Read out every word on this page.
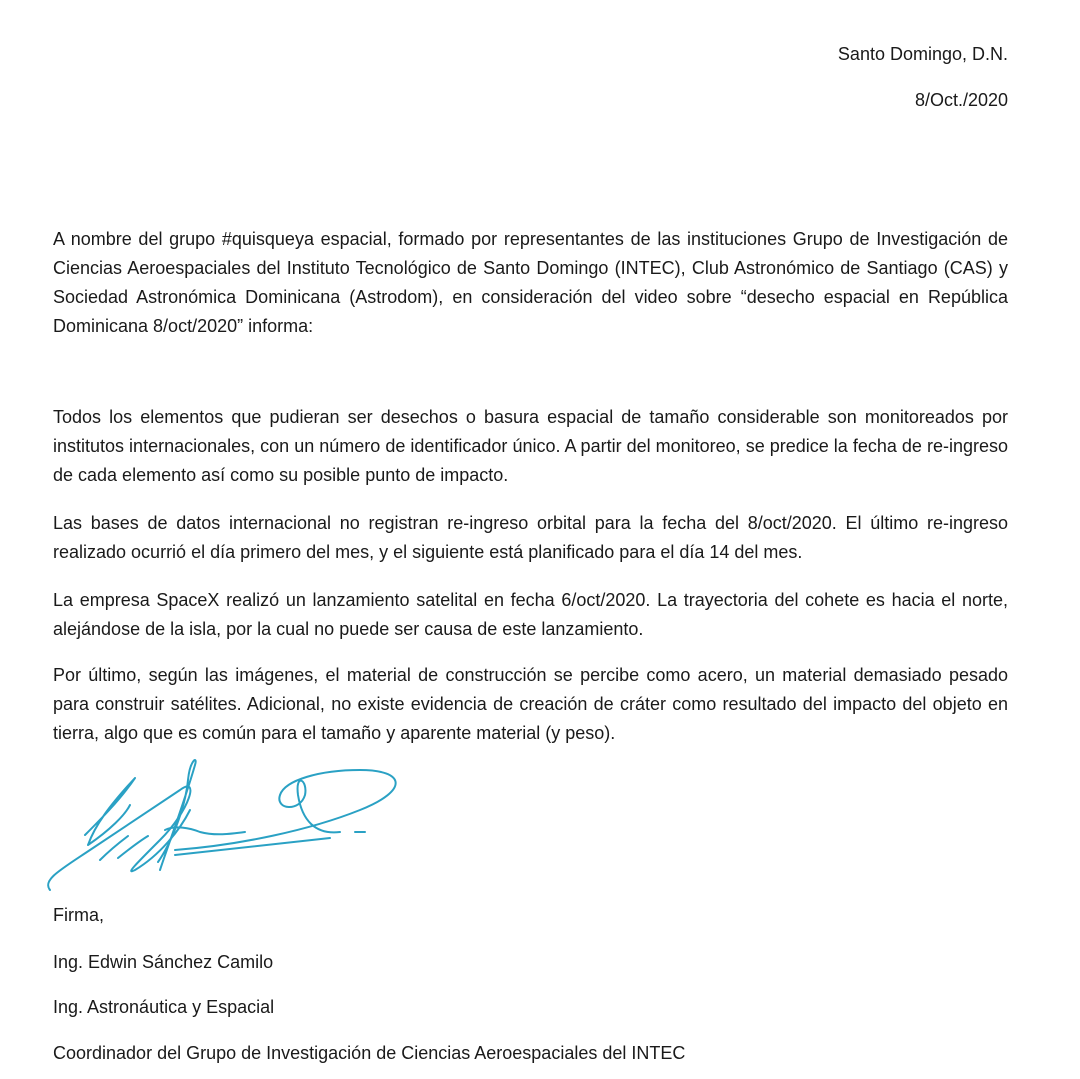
Santo Domingo, D.N.
8/Oct./2020

A nombre del grupo #quisqueya espacial, formado por representantes de las instituciones Grupo de Investigación de Ciencias Aeroespaciales del Instituto Tecnológico de Santo Domingo (INTEC), Club Astronómico de Santiago (CAS) y Sociedad Astronómica Dominicana (Astrodom), en consideración del video sobre “desecho espacial en República Dominicana 8/oct/2020” informa:

Todos los elementos que pudieran ser desechos o basura espacial de tamaño considerable son monitoreados por institutos internacionales, con un número de identificador único. A partir del monitoreo, se predice la fecha de re-ingreso de cada elemento así como su posible punto de impacto.

Las bases de datos internacional no registran re-ingreso orbital para la fecha del 8/oct/2020. El último re-ingreso realizado ocurrió el día primero del mes, y el siguiente está planificado para el día 14 del mes.

La empresa SpaceX realizó un lanzamiento satelital en fecha 6/oct/2020. La trayectoria del cohete es hacia el norte, alejándose de la isla, por la cual no puede ser causa de este lanzamiento.

Por último, según las imágenes, el material de construcción se percibe como acero, un material demasiado pesado para construir satélites. Adicional, no existe evidencia de creación de cráter como resultado del impacto del objeto en tierra, algo que es común para el tamaño y aparente material (y peso).

Firma,
Ing. Edwin Sánchez Camilo
Ing. Astronáutica y Espacial
Coordinador del Grupo de Investigación de Ciencias Aeroespaciales del INTEC
